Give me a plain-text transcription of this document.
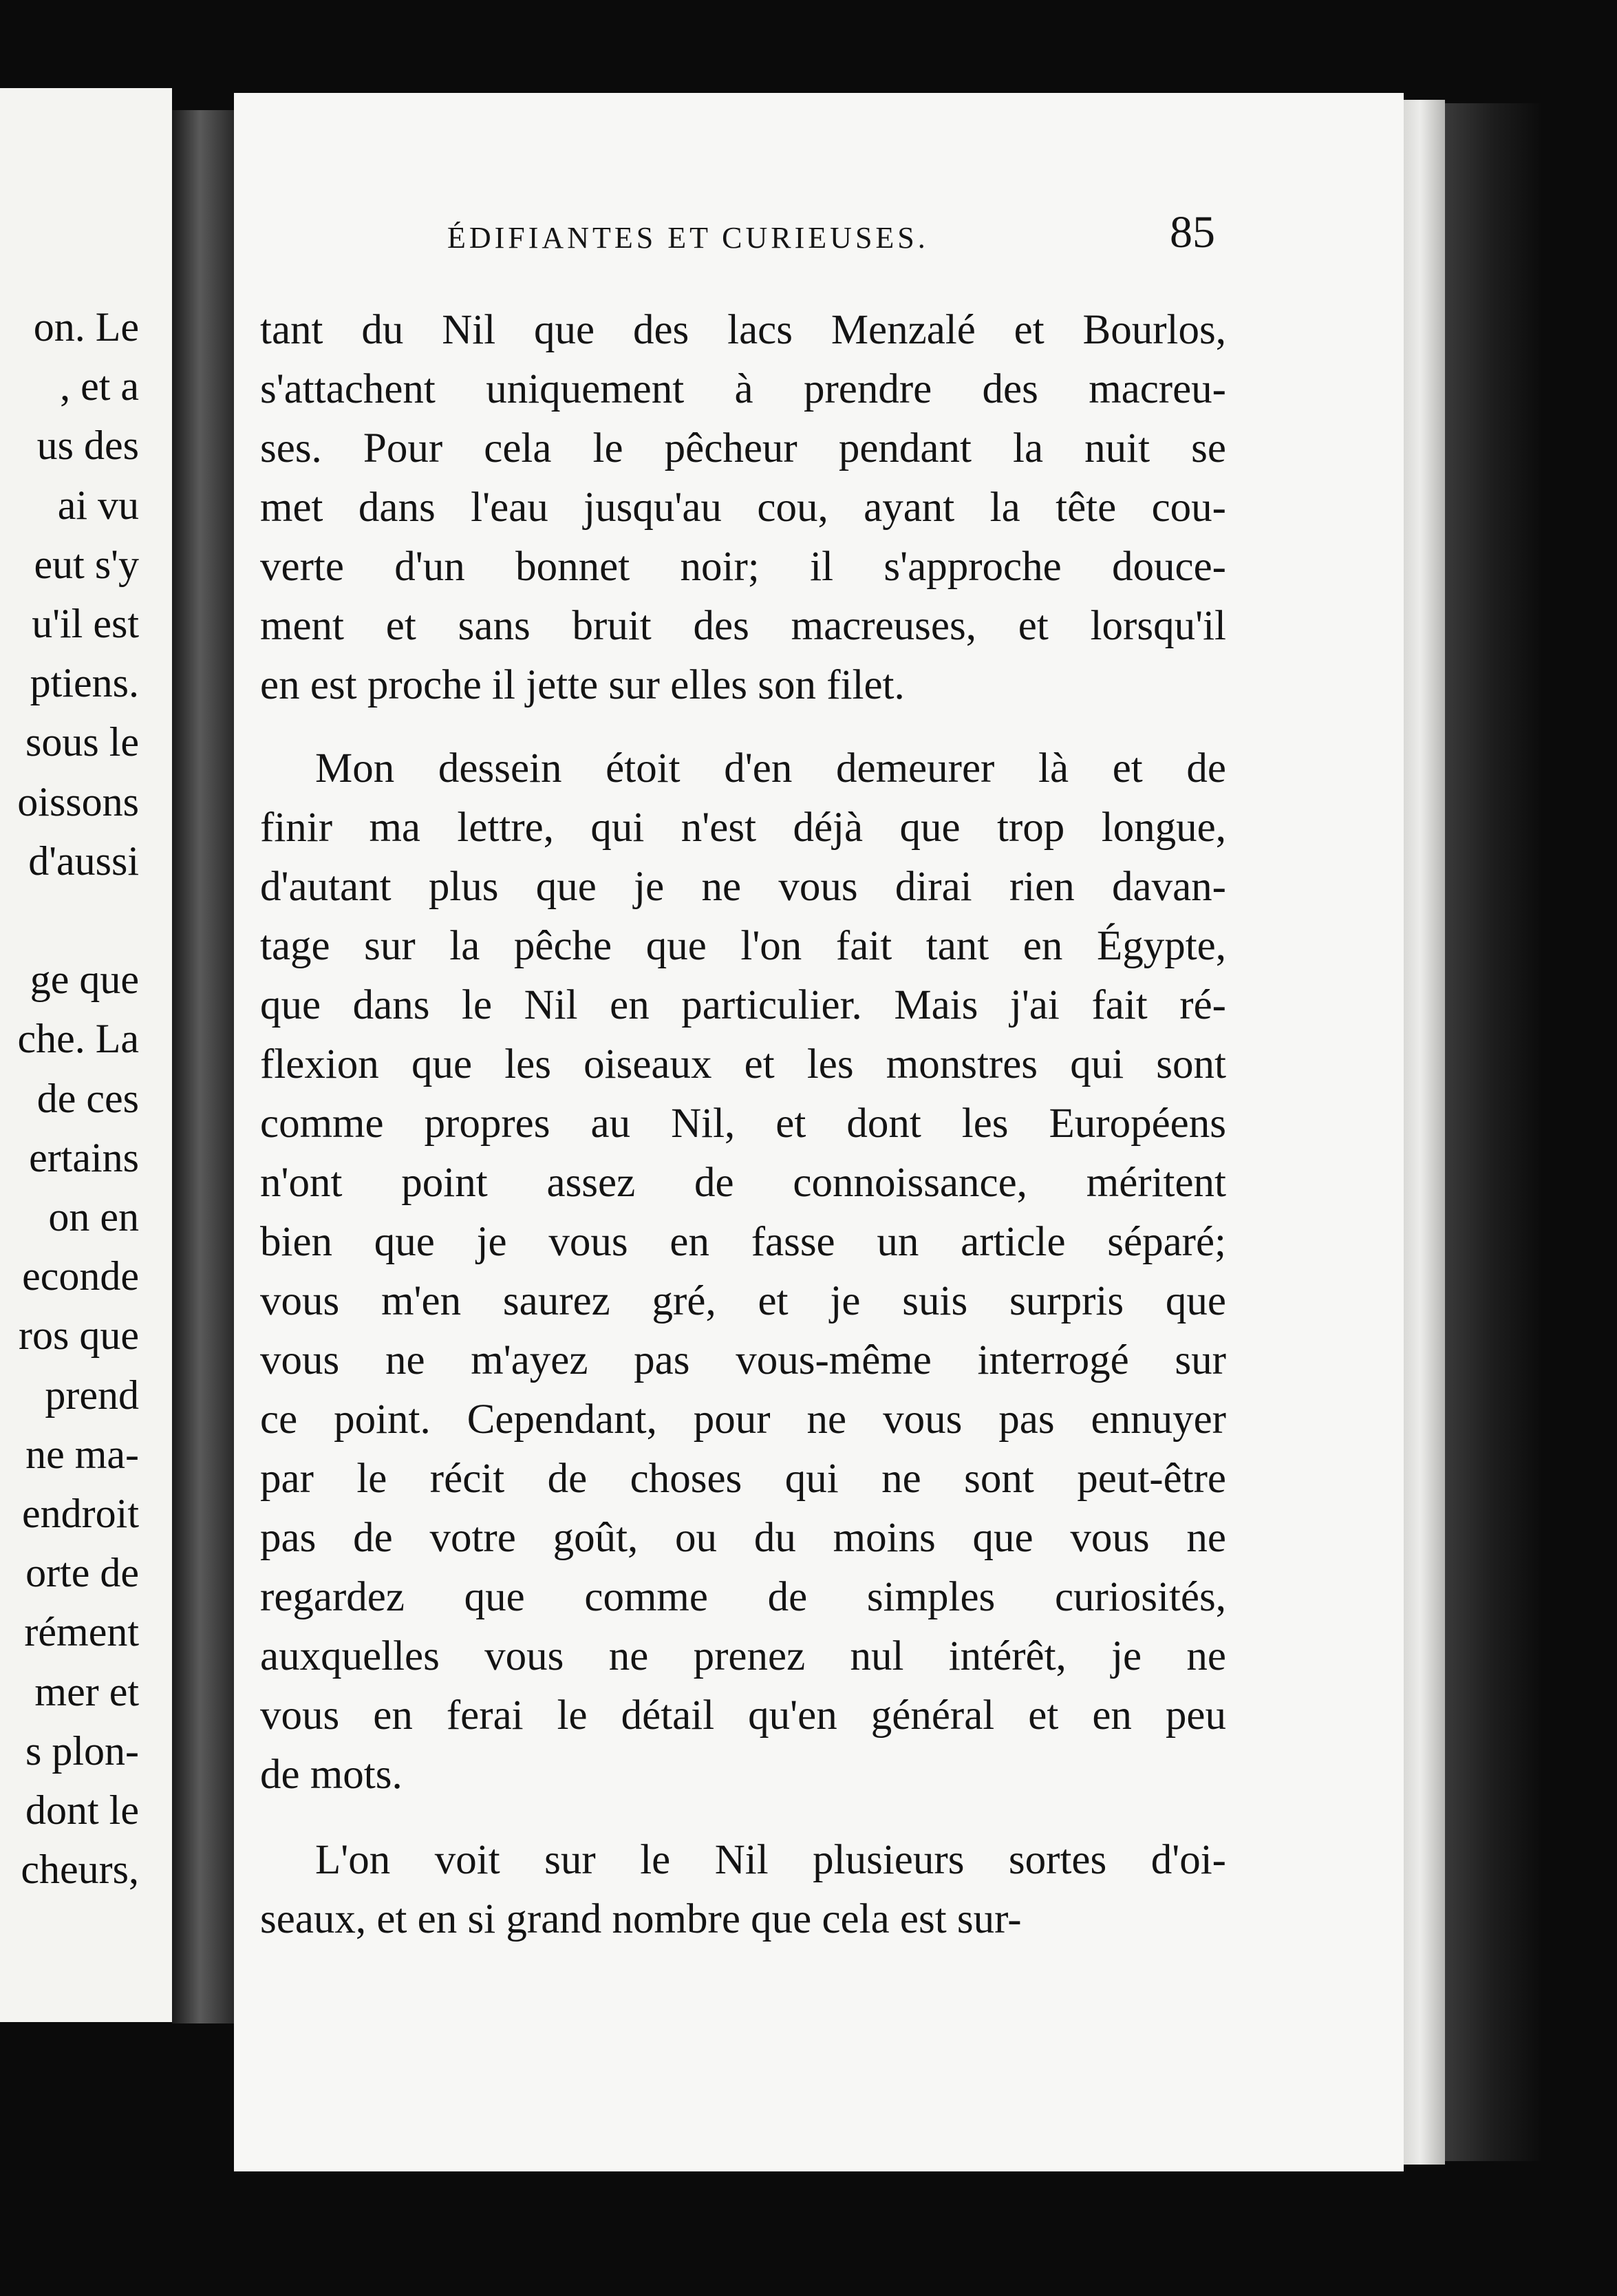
on. Le
, et a
us des
ai vu
eut s'y
u'il est
ptiens.
sous le
oissons
d'aussi
ge que
che. La
de ces
ertains
on en
econde
ros que
prend
ne ma-
endroit
orte de
rément
mer et
s plon-
dont le
cheurs,
ÉDIFIANTES ET CURIEUSES.	85
tant du Nil que des lacs Menzalé et Bourlos,
s'attachent uniquement à prendre des macreu-
ses. Pour cela le pêcheur pendant la nuit se
met dans l'eau jusqu'au cou, ayant la tête cou-
verte d'un bonnet noir; il s'approche douce-
ment et sans bruit des macreuses, et lorsqu'il
en est proche il jette sur elles son filet.
Mon dessein étoit d'en demeurer là et de
finir ma lettre, qui n'est déjà que trop longue,
d'autant plus que je ne vous dirai rien davan-
tage sur la pêche que l'on fait tant en Égypte,
que dans le Nil en particulier. Mais j'ai fait ré-
flexion que les oiseaux et les monstres qui sont
comme propres au Nil, et dont les Européens
n'ont point assez de connoissance, méritent
bien que je vous en fasse un article séparé;
vous m'en saurez gré, et je suis surpris que
vous ne m'ayez pas vous-même interrogé sur
ce point. Cependant, pour ne vous pas ennuyer
par le récit de choses qui ne sont peut-être
pas de votre goût, ou du moins que vous ne
regardez que comme de simples curiosités,
auxquelles vous ne prenez nul intérêt, je ne
vous en ferai le détail qu'en général et en peu
de mots.
L'on voit sur le Nil plusieurs sortes d'oi-
seaux, et en si grand nombre que cela est sur-
